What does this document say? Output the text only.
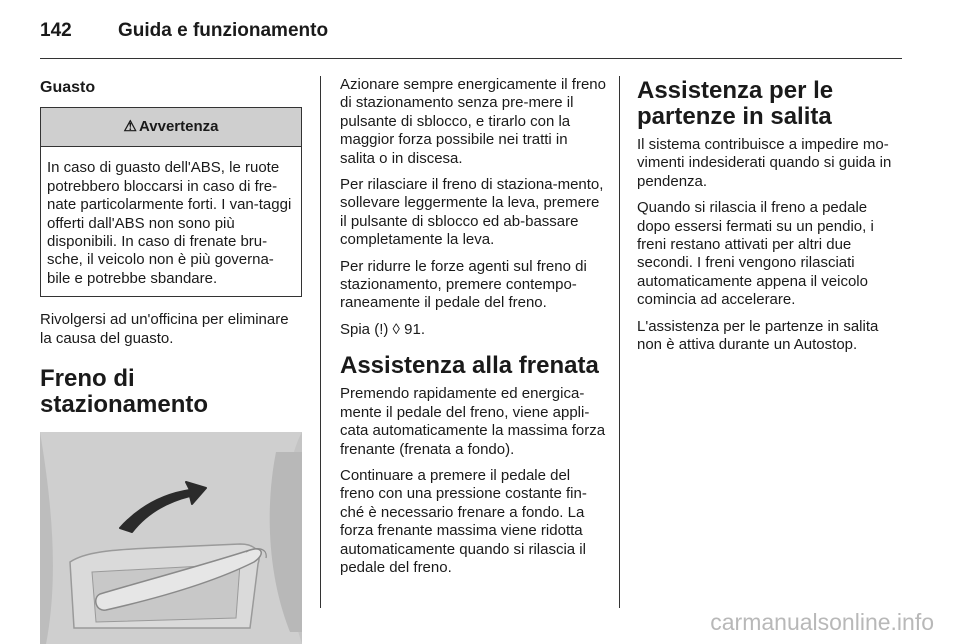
142 Guida e funzionamento
Guasto
⚠ Avvertenza
In caso di guasto dell'ABS, le ruote potrebbero bloccarsi in caso di fre-nate particolarmente forti. I van-taggi offerti dall'ABS non sono più disponibili. In caso di frenate bru-sche, il veicolo non è più governa-bile e potrebbe sbandare.

Rivolgersi ad un'officina per eliminare la causa del guasto.

Freno di stazionamento

Azionare sempre energicamente il freno di stazionamento senza pre-mere il pulsante di sblocco, e tirarlo con la maggior forza possibile nei tratti in salita o in discesa.

Per rilasciare il freno di staziona-mento, sollevare leggermente la leva, premere il pulsante di sblocco ed ab-bassare completamente la leva.

Per ridurre le forze agenti sul freno di stazionamento, premere contempo-raneamente il pedale del freno.

Spia (!) ◊ 91.

Assistenza alla frenata

Premendo rapidamente ed energica-mente il pedale del freno, viene appli-cata automaticamente la massima forza frenante (frenata a fondo).

Continuare a premere il pedale del freno con una pressione costante fin-ché è necessario frenare a fondo. La forza frenante massima viene ridotta automaticamente quando si rilascia il pedale del freno.

Assistenza per le partenze in salita

Il sistema contribuisce a impedire mo-vimenti indesiderati quando si guida in pendenza.

Quando si rilascia il freno a pedale dopo essersi fermati su un pendio, i freni restano attivati per altri due secondi. I freni vengono rilasciati automaticamente appena il veicolo comincia ad accelerare.

L'assistenza per le partenze in salita non è attiva durante un Autostop.

carmanualsonline.info
